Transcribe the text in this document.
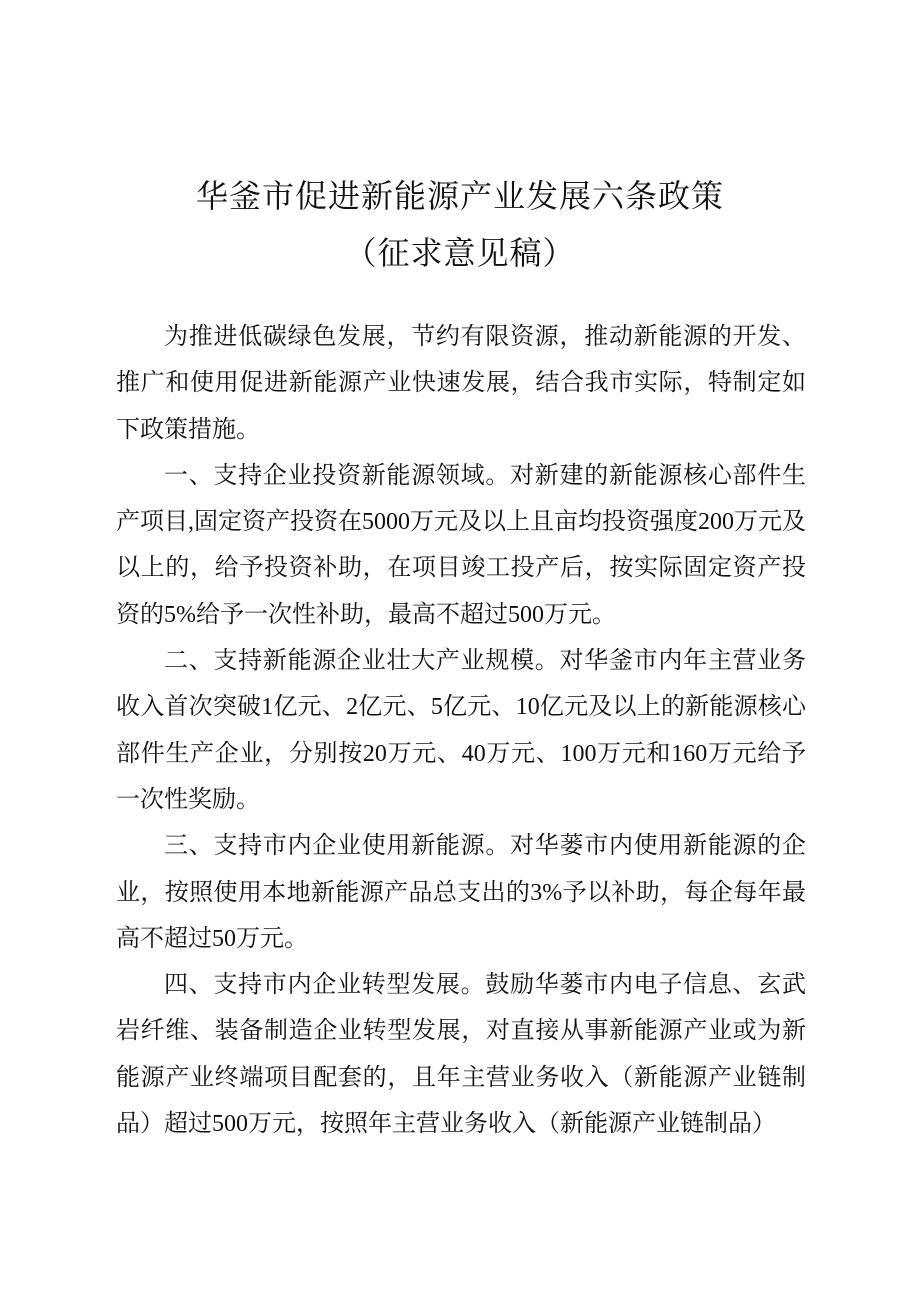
华釜市促进新能源产业发展六条政策
（征求意见稿）

为推进低碳绿色发展，节约有限资源，推动新能源的开发、推广和使用促进新能源产业快速发展，结合我市实际，特制定如下政策措施。

一、支持企业投资新能源领域。对新建的新能源核心部件生产项目,固定资产投资在5000万元及以上且亩均投资强度200万元及以上的，给予投资补助，在项目竣工投产后，按实际固定资产投资的5%给予一次性补助，最高不超过500万元。

二、支持新能源企业壮大产业规模。对华釜市内年主营业务收入首次突破1亿元、2亿元、5亿元、10亿元及以上的新能源核心部件生产企业，分别按20万元、40万元、100万元和160万元给予一次性奖励。

三、支持市内企业使用新能源。对华蒌市内使用新能源的企业，按照使用本地新能源产品总支出的3%予以补助，每企每年最高不超过50万元。

四、支持市内企业转型发展。鼓励华蒌市内电子信息、玄武岩纤维、装备制造企业转型发展，对直接从事新能源产业或为新能源产业终端项目配套的，且年主营业务收入（新能源产业链制品）超过500万元，按照年主营业务收入（新能源产业链制品）
